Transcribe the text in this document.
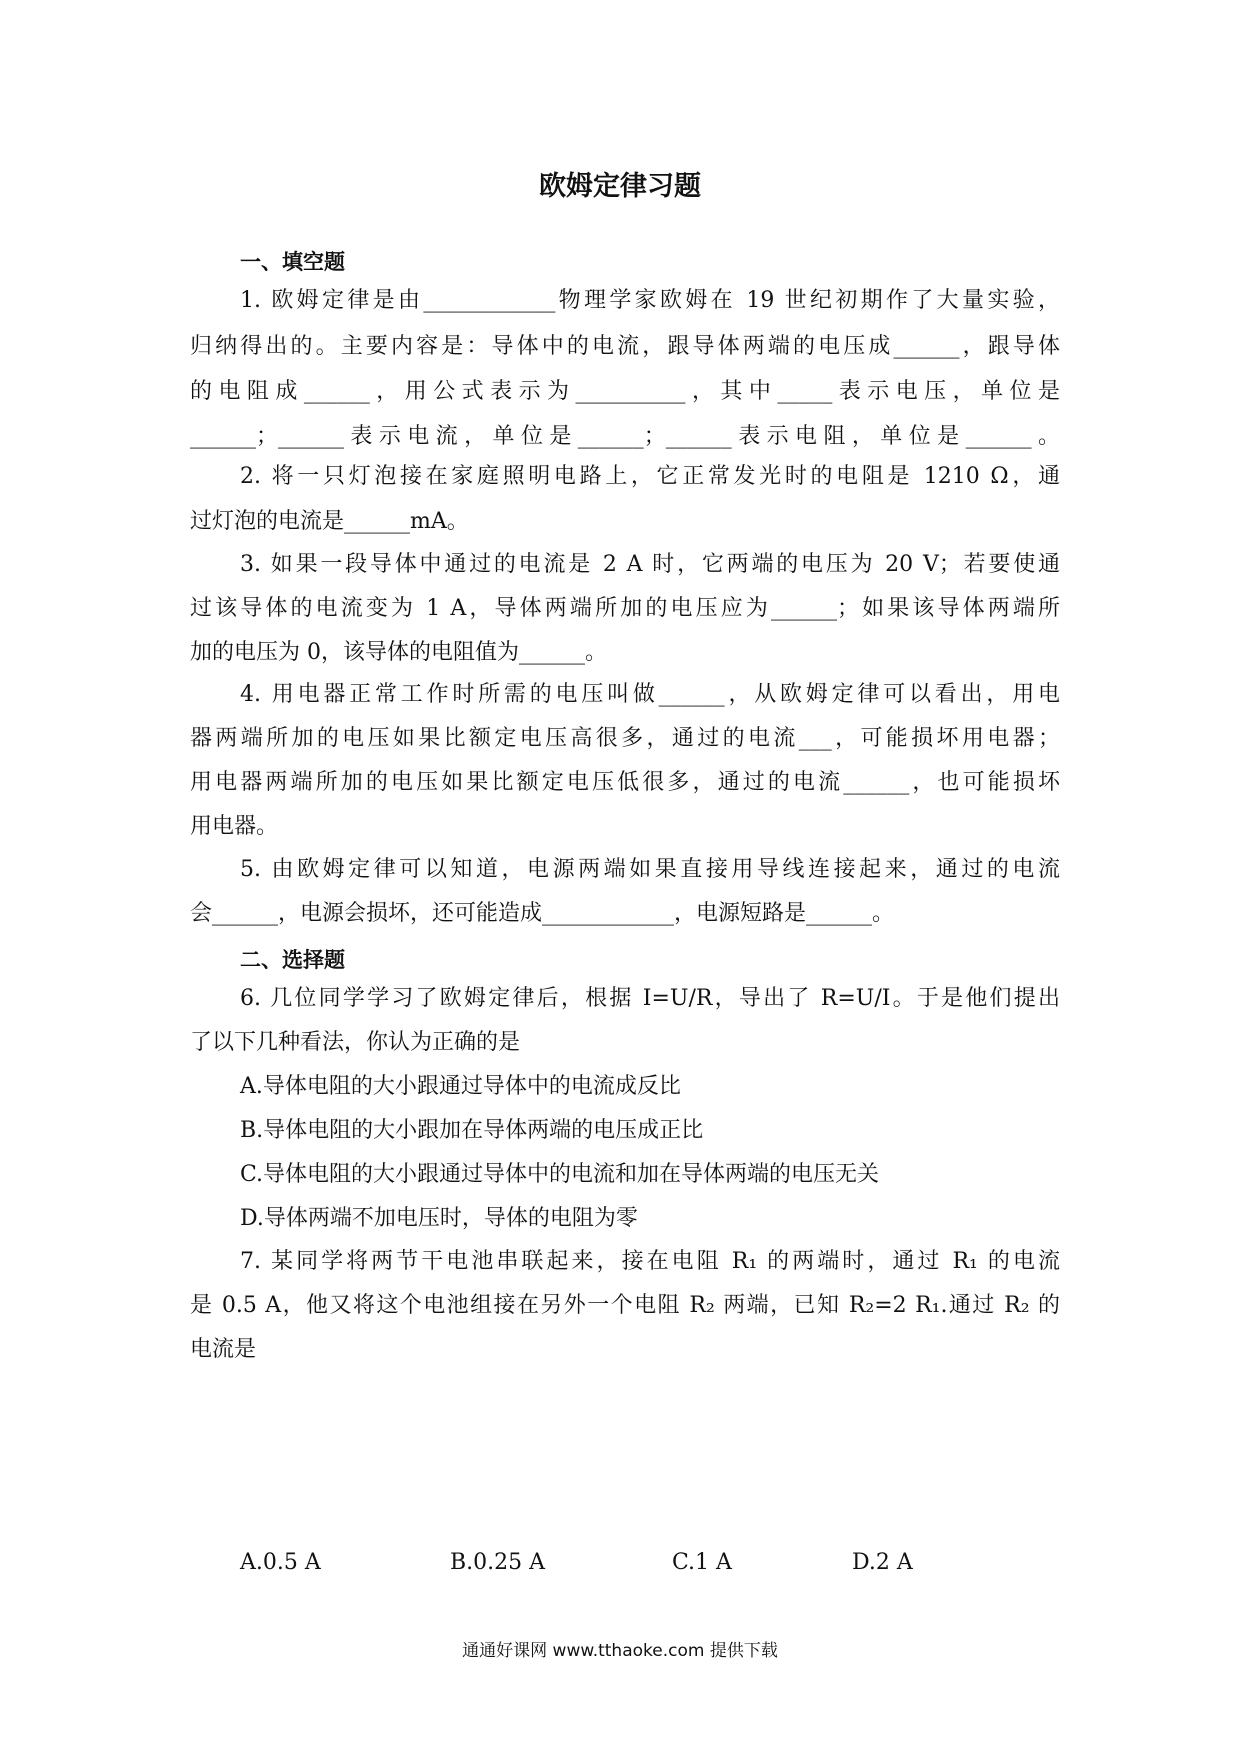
欧姆定律习题
一、填空题
1. 欧姆定律是由____________物理学家欧姆在 19 世纪初期作了大量实验，
归纳得出的。主要内容是：导体中的电流，跟导体两端的电压成______，跟导体
的电阻成______，用公式表示为__________，其中_____表示电压，单位是
______；______表示电流，单位是______；______表示电阻，单位是______。
2. 将一只灯泡接在家庭照明电路上，它正常发光时的电阻是 1210 Ω，通
过灯泡的电流是______mA。
3. 如果一段导体中通过的电流是 2 A 时，它两端的电压为 20 V；若要使通
过该导体的电流变为 1 A，导体两端所加的电压应为______；如果该导体两端所
加的电压为 0，该导体的电阻值为______。
4. 用电器正常工作时所需的电压叫做______，从欧姆定律可以看出，用电
器两端所加的电压如果比额定电压高很多，通过的电流___，可能损坏用电器；
用电器两端所加的电压如果比额定电压低很多，通过的电流______，也可能损坏
用电器。
5. 由欧姆定律可以知道，电源两端如果直接用导线连接起来，通过的电流
会______，电源会损坏，还可能造成____________，电源短路是______。
二、选择题
6. 几位同学学习了欧姆定律后，根据 I=U/R，导出了 R=U/I。于是他们提出
了以下几种看法，你认为正确的是
A.导体电阻的大小跟通过导体中的电流成反比
B.导体电阻的大小跟加在导体两端的电压成正比
C.导体电阻的大小跟通过导体中的电流和加在导体两端的电压无关
D.导体两端不加电压时，导体的电阻为零
7. 某同学将两节干电池串联起来，接在电阻 R₁ 的两端时，通过 R₁ 的电流
是 0.5 A，他又将这个电池组接在另外一个电阻 R₂ 两端，已知 R₂=2 R₁.通过 R₂ 的
电流是
A.0.5 A	B.0.25 A	C.1 A	D.2 A
通通好课网 www.tthaoke.com 提供下载
